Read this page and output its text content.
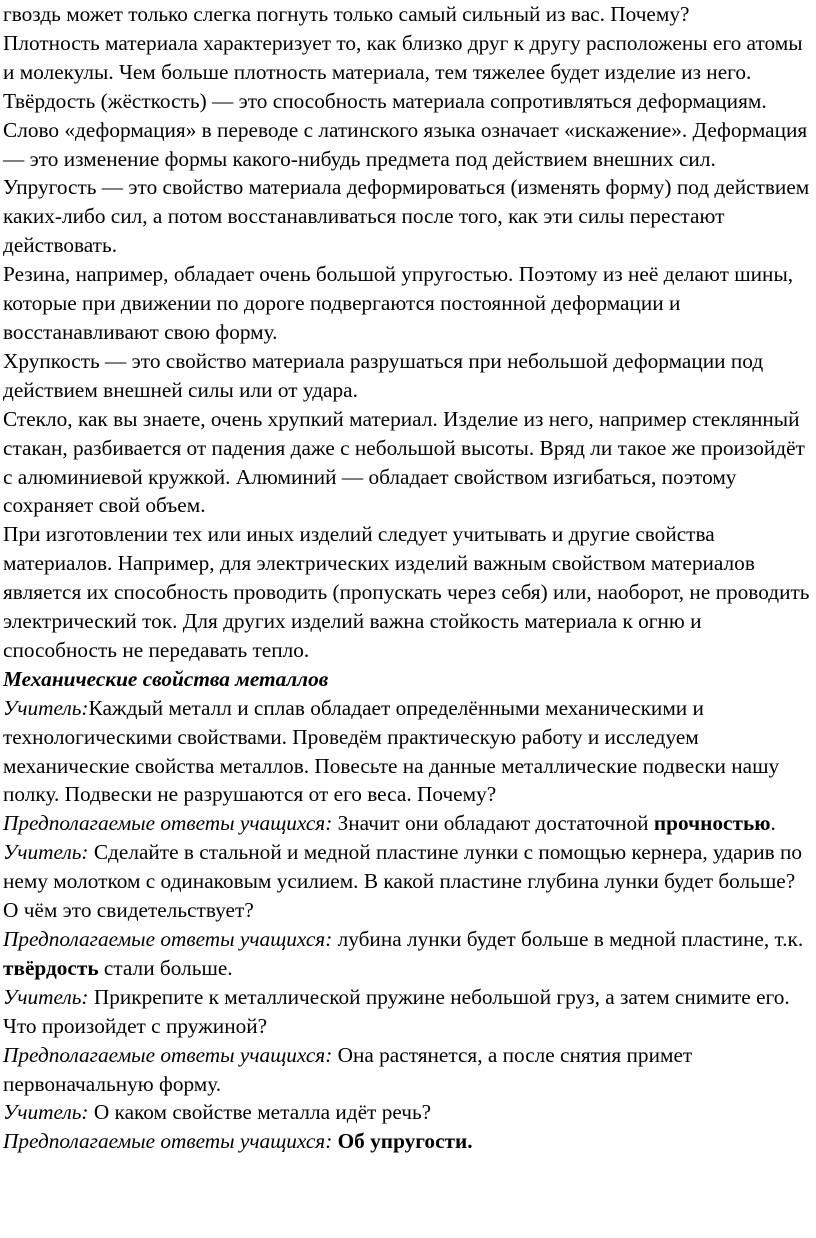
гвоздь может только слегка погнуть только самый сильный из вас. Почему?

Плотность материала характеризует то, как близко друг к другу расположены его атомы и молекулы. Чем больше плотность материала, тем тяжелее будет изделие из него.

Твёрдость (жёсткость) — это способность материала сопротивляться деформациям.

Слово «деформация» в переводе с латинского языка означает «искажение». Деформация — это изменение формы какого-нибудь предмета под действием внешних сил.

Упругость — это свойство материала деформироваться (изменять форму) под действием каких-либо сил, а потом восстанавливаться после того, как эти силы перестают действовать.

Резина, например, обладает очень большой упругостью. Поэтому из неё делают шины, которые при движении по дороге подвергаются постоянной деформации и восстанавливают свою форму.

Хрупкость — это свойство материала разрушаться при небольшой деформации под действием внешней силы или от удара.

Стекло, как вы знаете, очень хрупкий материал. Изделие из него, например стеклянный стакан, разбивается от падения даже с небольшой высоты. Вряд ли такое же произойдёт с алюминиевой кружкой. Алюминий — обладает свойством изгибаться, поэтому сохраняет свой объем.

При изготовлении тех или иных изделий следует учитывать и другие свойства материалов. Например, для электрических изделий важным свойством материалов является их способность проводить (пропускать через себя) или, наоборот, не проводить электрический ток. Для других изделий важна стойкость материала к огню и способность не передавать тепло.

Механические свойства металлов

Учитель:Каждый металл и сплав обладает определёнными механическими и технологическими свойствами. Проведём практическую работу и исследуем механические свойства металлов. Повесьте на данные металлические подвески нашу полку. Подвески не разрушаются от его веса. Почему?

Предполагаемые ответы учащихся: Значит они обладают достаточной прочностью.

Учитель: Сделайте в стальной и медной пластине лунки с помощью кернера, ударив по нему молотком с одинаковым усилием. В какой пластине глубина лунки будет больше? О чём это свидетельствует?

Предполагаемые ответы учащихся: лубина лунки будет больше в медной пластине, т.к. твёрдость стали больше.

Учитель: Прикрепите к металлической пружине небольшой груз, а затем снимите его. Что произойдет с пружиной?

Предполагаемые ответы учащихся: Она растянется, а после снятия примет первоначальную форму.

Учитель: О каком свойстве металла идёт речь?

Предполагаемые ответы учащихся: Об упругости.
